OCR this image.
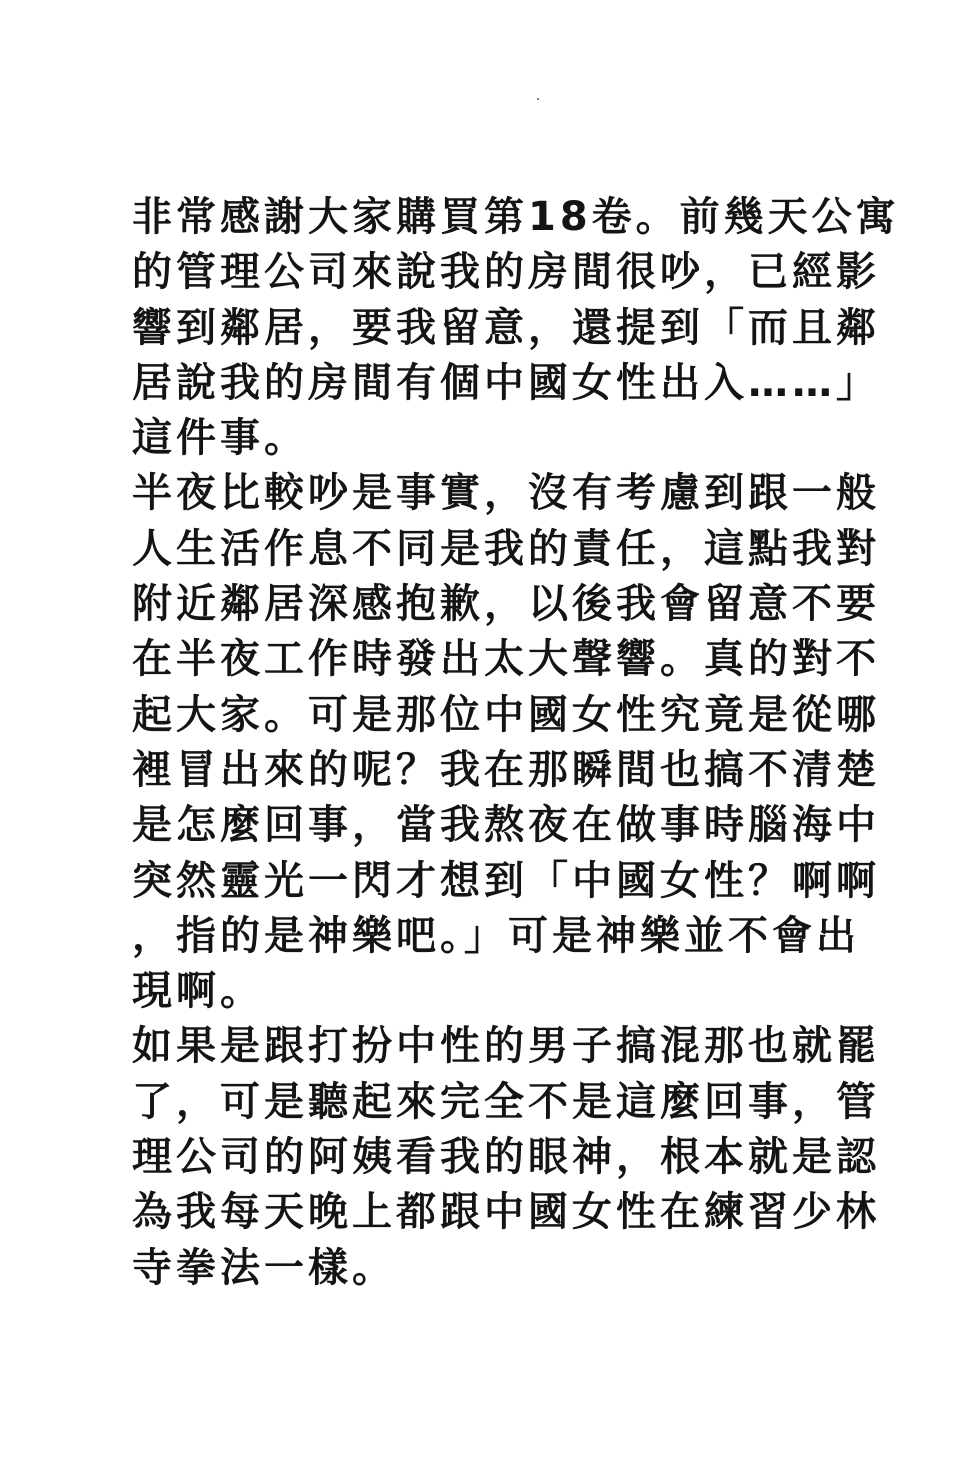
非常感謝大家購買第18卷。前幾天公寓
的管理公司來說我的房間很吵，已經影
響到鄰居，要我留意，還提到「而且鄰
居說我的房間有個中國女性出入……」
這件事。
半夜比較吵是事實，沒有考慮到跟一般
人生活作息不同是我的責任，這點我對
附近鄰居深感抱歉，以後我會留意不要
在半夜工作時發出太大聲響。真的對不
起大家。可是那位中國女性究竟是從哪
裡冒出來的呢？我在那瞬間也搞不清楚
是怎麼回事，當我熬夜在做事時腦海中
突然靈光一閃才想到「中國女性？啊啊
，指的是神樂吧。」可是神樂並不會出
現啊。
如果是跟打扮中性的男子搞混那也就罷
了，可是聽起來完全不是這麼回事，管
理公司的阿姨看我的眼神，根本就是認
為我每天晚上都跟中國女性在練習少林
寺拳法一樣。
